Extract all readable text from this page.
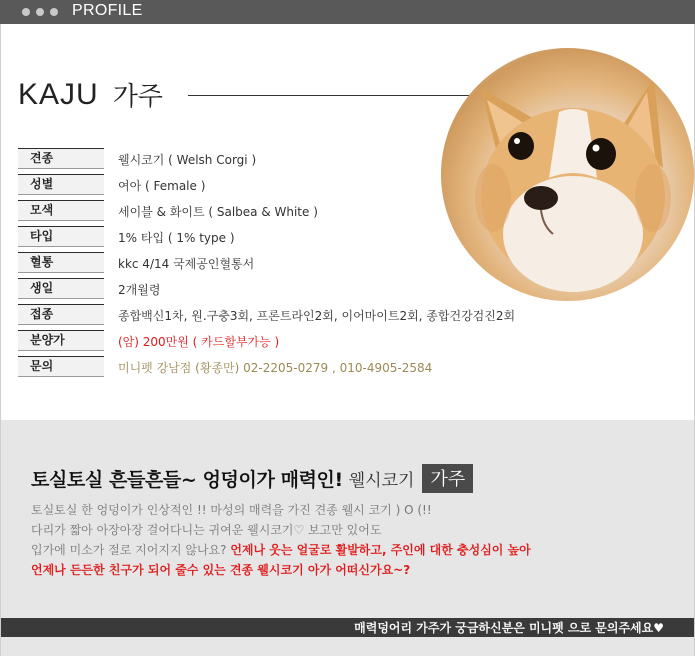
PROFILE
KAJU 가주
견종	웰시코기 ( Welsh Corgi )
성별	여아 ( Female )
모색	세이블 & 화이트 ( Salbea & White )
타입	1% 타입 ( 1% type )
혈통	kkc 4/14 국제공인혈통서
생일	2개월령
접종	종합백신1차, 원.구충3회, 프론트라인2회, 이어마이트2회, 종합건강검진2회
분양가	(암) 200만원 ( 카드할부가능 )
문의	미니펫 강남점 (황종만) 02-2205-0279 , 010-4905-2584
토실토실 흔들흔들~ 엉덩이가 매력인! 웰시코기 가주
토실토실 한 엉덩이가 인상적인 !! 마성의 매력을 가진 견종 웰시 코기 ) O (!!
다리가 짧아 아장아장 걸어다니는 귀여운 웰시코기♡ 보고만 있어도
입가에 미소가 절로 지어지지 않나요? 언제나 웃는 얼굴로 활발하고, 주인에 대한 충성심이 높아
언제나 든든한 친구가 되어 줄수 있는 견종 웰시코기 아가 어떠신가요~?
매력덩어리 가주가 궁금하신분은 미니펫 으로 문의주세요♥
